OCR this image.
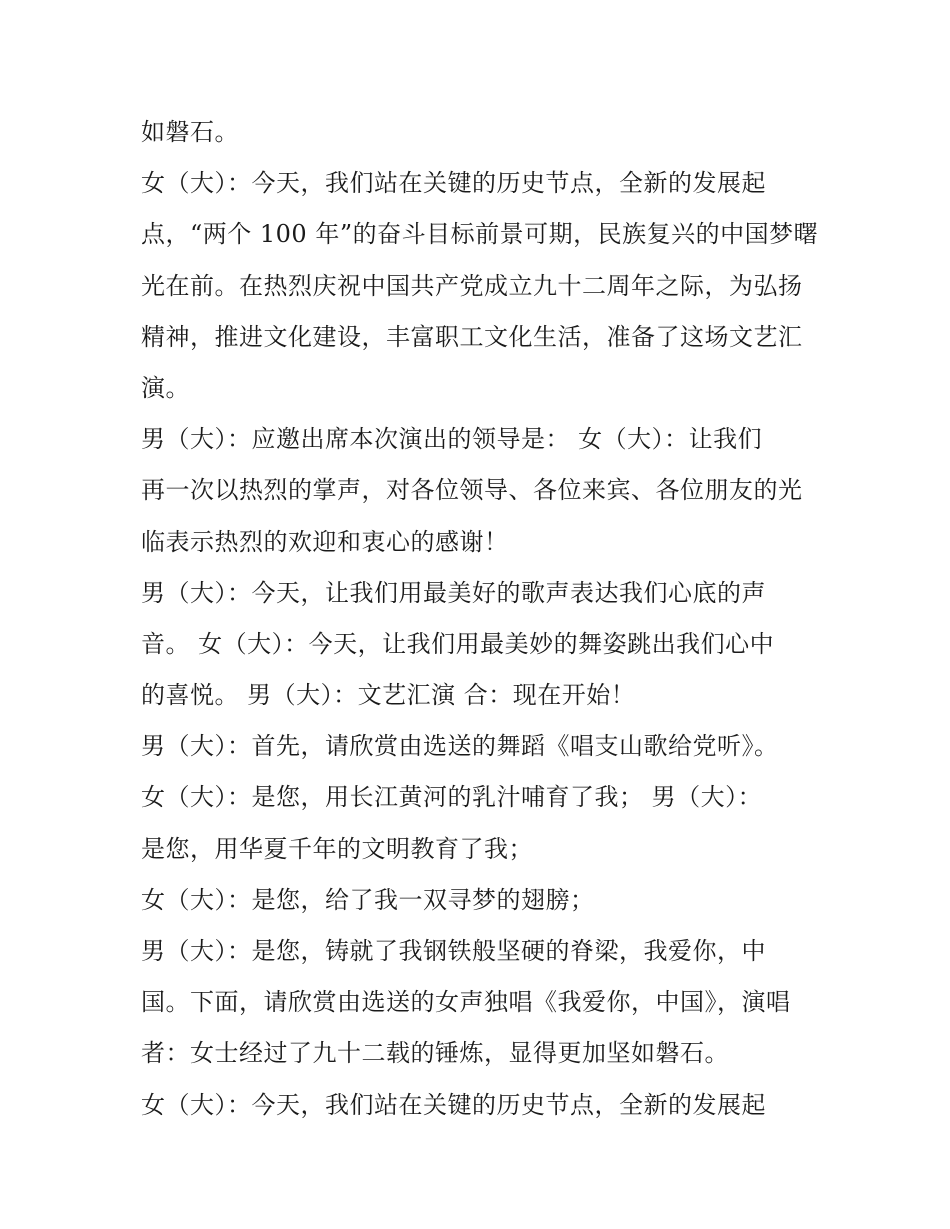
如磐石。
女（大）：今天，我们站在关键的历史节点，全新的发展起
点，“两个 100 年”的奋斗目标前景可期，民族复兴的中国梦曙
光在前。在热烈庆祝中国共产党成立九十二周年之际，为弘扬
精神，推进文化建设，丰富职工文化生活，准备了这场文艺汇
演。
男（大）：应邀出席本次演出的领导是： 女（大）：让我们
再一次以热烈的掌声，对各位领导、各位来宾、各位朋友的光
临表示热烈的欢迎和衷心的感谢！
男（大）：今天，让我们用最美好的歌声表达我们心底的声
音。 女（大）：今天，让我们用最美妙的舞姿跳出我们心中
的喜悦。 男（大）：文艺汇演 合：现在开始！
男（大）：首先，请欣赏由选送的舞蹈《唱支山歌给党听》。
女（大）：是您，用长江黄河的乳汁哺育了我； 男（大）：
是您，用华夏千年的文明教育了我；
女（大）：是您，给了我一双寻梦的翅膀；
男（大）：是您，铸就了我钢铁般坚硬的脊梁，我爱你，中
国。下面，请欣赏由选送的女声独唱《我爱你，中国》，演唱
者：女士经过了九十二载的锤炼，显得更加坚如磐石。
女（大）：今天，我们站在关键的历史节点，全新的发展起
